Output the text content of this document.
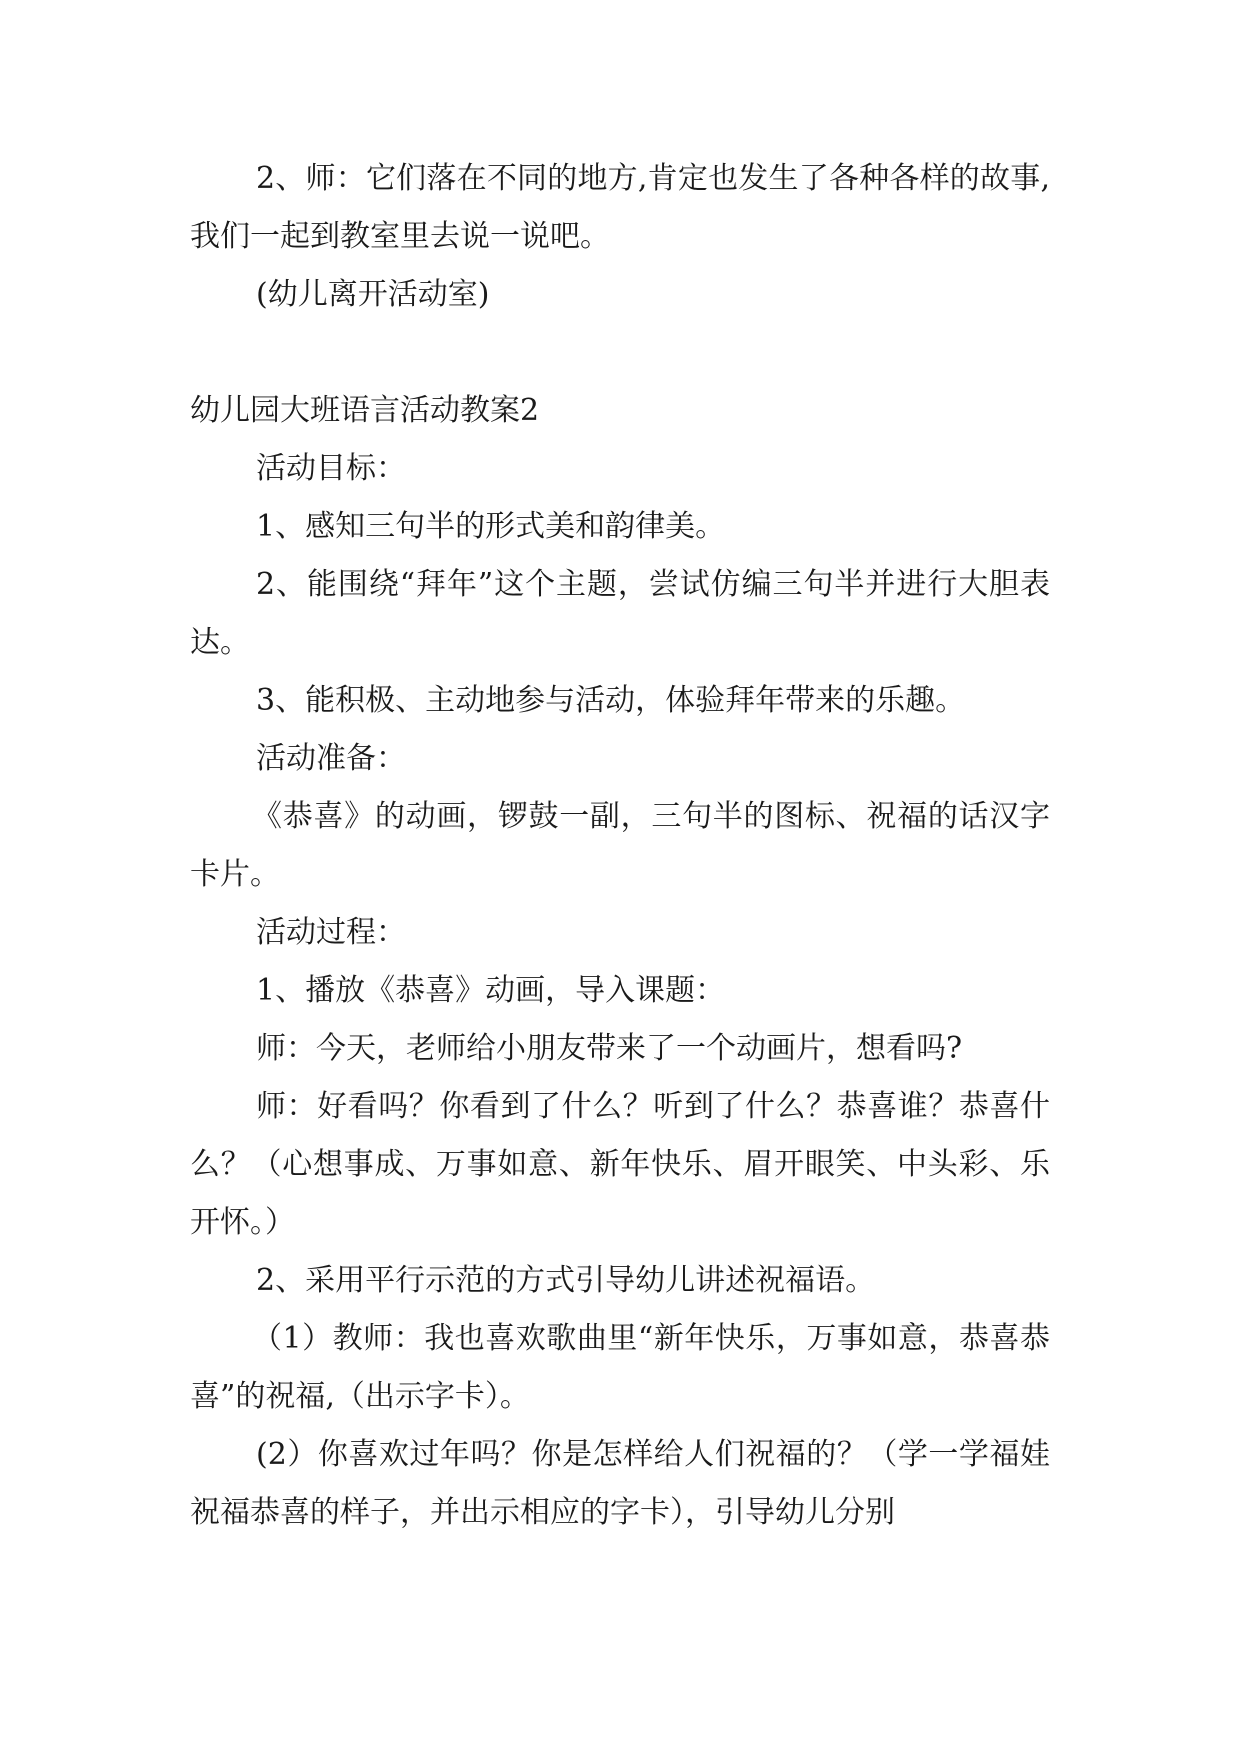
2、师：它们落在不同的地方,肯定也发生了各种各样的故事,我们一起到教室里去说一说吧。

(幼儿离开活动室)

幼儿园大班语言活动教案2

活动目标：

1、感知三句半的形式美和韵律美。

2、能围绕“拜年”这个主题，尝试仿编三句半并进行大胆表达。

3、能积极、主动地参与活动，体验拜年带来的乐趣。

活动准备：

《恭喜》的动画，锣鼓一副，三句半的图标、祝福的话汉字卡片。

活动过程：

1、播放《恭喜》动画，导入课题：

师：今天，老师给小朋友带来了一个动画片，想看吗?

师：好看吗？你看到了什么？听到了什么？恭喜谁？恭喜什么？（心想事成、万事如意、新年快乐、眉开眼笑、中头彩、乐开怀。）

2、采用平行示范的方式引导幼儿讲述祝福语。

（1）教师：我也喜欢歌曲里“新年快乐，万事如意，恭喜恭喜”的祝福,（出示字卡）。

(2）你喜欢过年吗？你是怎样给人们祝福的？（学一学福娃祝福恭喜的样子，并出示相应的字卡），引导幼儿分别
